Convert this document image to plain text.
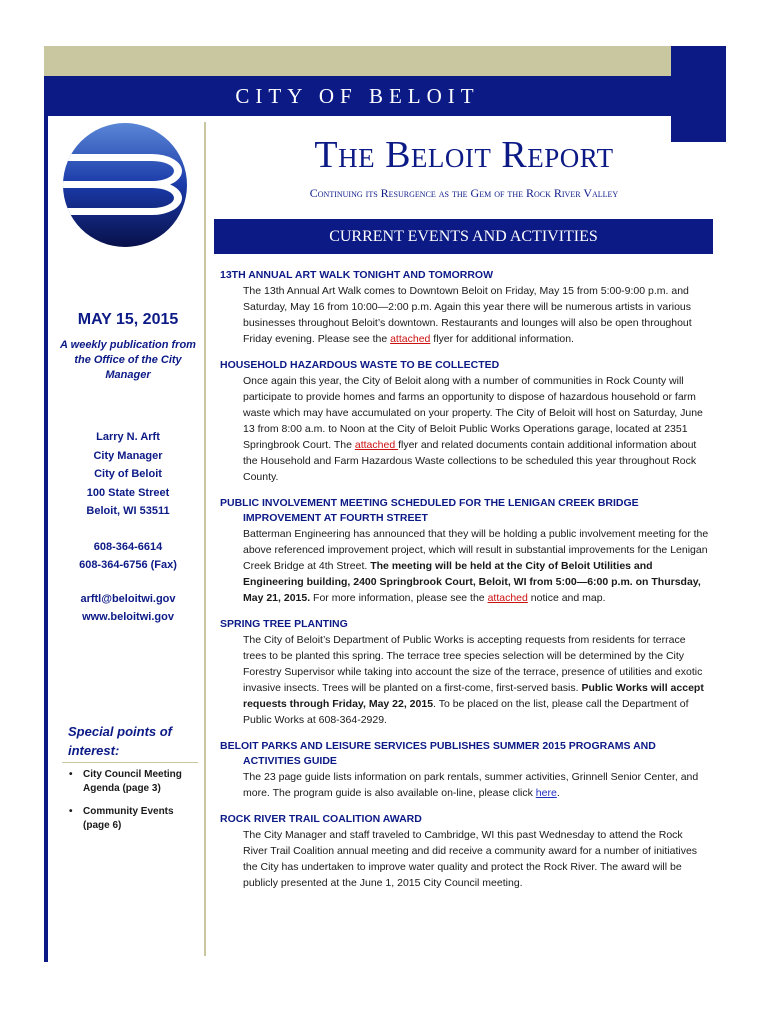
CITY OF BELOIT
The Beloit Report
Continuing its Resurgence as the Gem of the Rock River Valley
CURRENT EVENTS AND ACTIVITIES
MAY 15, 2015
A weekly publication from the Office of the City Manager
Larry N. Arft
City Manager
City of Beloit
100 State Street
Beloit, WI 53511
608-364-6614
608-364-6756 (Fax)
arftl@beloitwi.gov
www.beloitwi.gov
Special points of interest:
• City Council Meeting Agenda (page 3)
• Community Events (page 6)
13TH ANNUAL ART WALK TONIGHT AND TOMORROW
The 13th Annual Art Walk comes to Downtown Beloit on Friday, May 15 from 5:00-9:00 p.m. and Saturday, May 16 from 10:00—2:00 p.m. Again this year there will be numerous artists in various businesses throughout Beloit’s downtown. Restaurants and lounges will also be open throughout Friday evening. Please see the attached flyer for additional information.
HOUSEHOLD HAZARDOUS WASTE TO BE COLLECTED
Once again this year, the City of Beloit along with a number of communities in Rock County will participate to provide homes and farms an opportunity to dispose of hazardous household or farm waste which may have accumulated on your property. The City of Beloit will host on Saturday, June 13 from 8:00 a.m. to Noon at the City of Beloit Public Works Operations garage, located at 2351 Springbrook Court. The attached flyer and related documents contain additional information about the Household and Farm Hazardous Waste collections to be scheduled this year throughout Rock County.
PUBLIC INVOLVEMENT MEETING SCHEDULED FOR THE LENIGAN CREEK BRIDGE IMPROVEMENT AT FOURTH STREET
Batterman Engineering has announced that they will be holding a public involvement meeting for the above referenced improvement project, which will result in substantial improvements for the Lenigan Creek Bridge at 4th Street. The meeting will be held at the City of Beloit Utilities and Engineering building, 2400 Springbrook Court, Beloit, WI from 5:00—6:00 p.m. on Thursday, May 21, 2015. For more information, please see the attached notice and map.
SPRING TREE PLANTING
The City of Beloit’s Department of Public Works is accepting requests from residents for terrace trees to be planted this spring. The terrace tree species selection will be determined by the City Forestry Supervisor while taking into account the size of the terrace, presence of utilities and exotic invasive insects. Trees will be planted on a first-come, first-served basis. Public Works will accept requests through Friday, May 22, 2015. To be placed on the list, please call the Department of Public Works at 608-364-2929.
BELOIT PARKS AND LEISURE SERVICES PUBLISHES SUMMER 2015 PROGRAMS AND ACTIVITIES GUIDE
The 23 page guide lists information on park rentals, summer activities, Grinnell Senior Center, and more. The program guide is also available on-line, please click here.
ROCK RIVER TRAIL COALITION AWARD
The City Manager and staff traveled to Cambridge, WI this past Wednesday to attend the Rock River Trail Coalition annual meeting and did receive a community award for a number of initiatives the City has undertaken to improve water quality and protect the Rock River. The award will be publicly presented at the June 1, 2015 City Council meeting.
